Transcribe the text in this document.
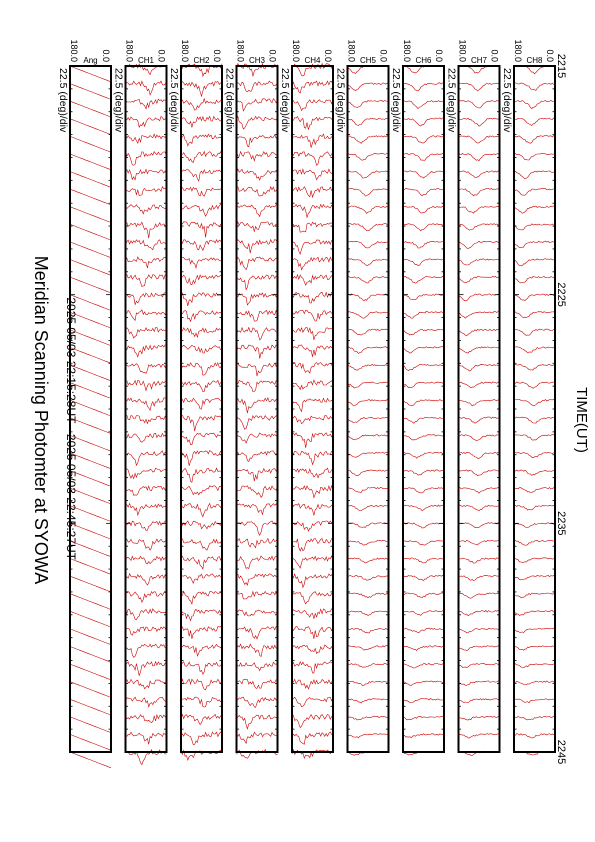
Meridian Scanning Photomter at SYOWA 2025 05/03 22:15:28UT - 2025 05/03 22:45:27UT	TIME(UT)
0.0
180.0 Ang
22.5 (deg)/div
0.0
180.0 CH1
22.5 (deg)/div
0.0
180.0 CH2
22.5 (deg)/div
0.0
180.0 CH3
22.5 (deg)/div
0.0
180.0 CH4
22.5 (deg)/div
0.0
180.0 CH5
22.5 (deg)/div
0.0
180.0 CH6
22.5 (deg)/div
0.0
180.0 CH7
22.5 (deg)/div
0.0
180.0 CH8
22.5 (deg)/div
2215
2225
2235
2245
